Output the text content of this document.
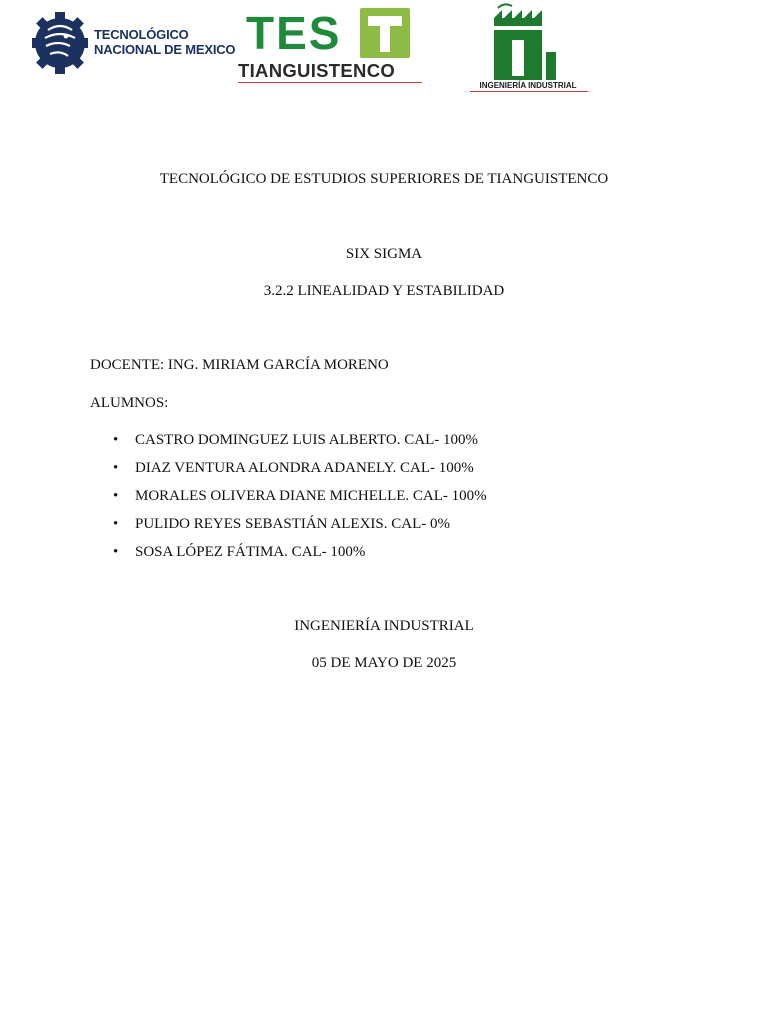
TECNOLÓGICO
NACIONAL DE MEXICO TES
TIANGUISTENCO
INGENIERÍA INDUSTRIAL
TECNOLÓGICO DE ESTUDIOS SUPERIORES DE TIANGUISTENCO
SIX SIGMA
3.2.2 LINEALIDAD Y ESTABILIDAD
DOCENTE: ING. MIRIAM GARCÍA MORENO
ALUMNOS:
• CASTRO DOMINGUEZ LUIS ALBERTO. CAL- 100%
• DIAZ VENTURA ALONDRA ADANELY. CAL- 100%
• MORALES OLIVERA DIANE MICHELLE. CAL- 100%
• PULIDO REYES SEBASTIÁN ALEXIS. CAL- 0%
• SOSA LÓPEZ FÁTIMA. CAL- 100%
INGENIERÍA INDUSTRIAL
05 DE MAYO DE 2025
